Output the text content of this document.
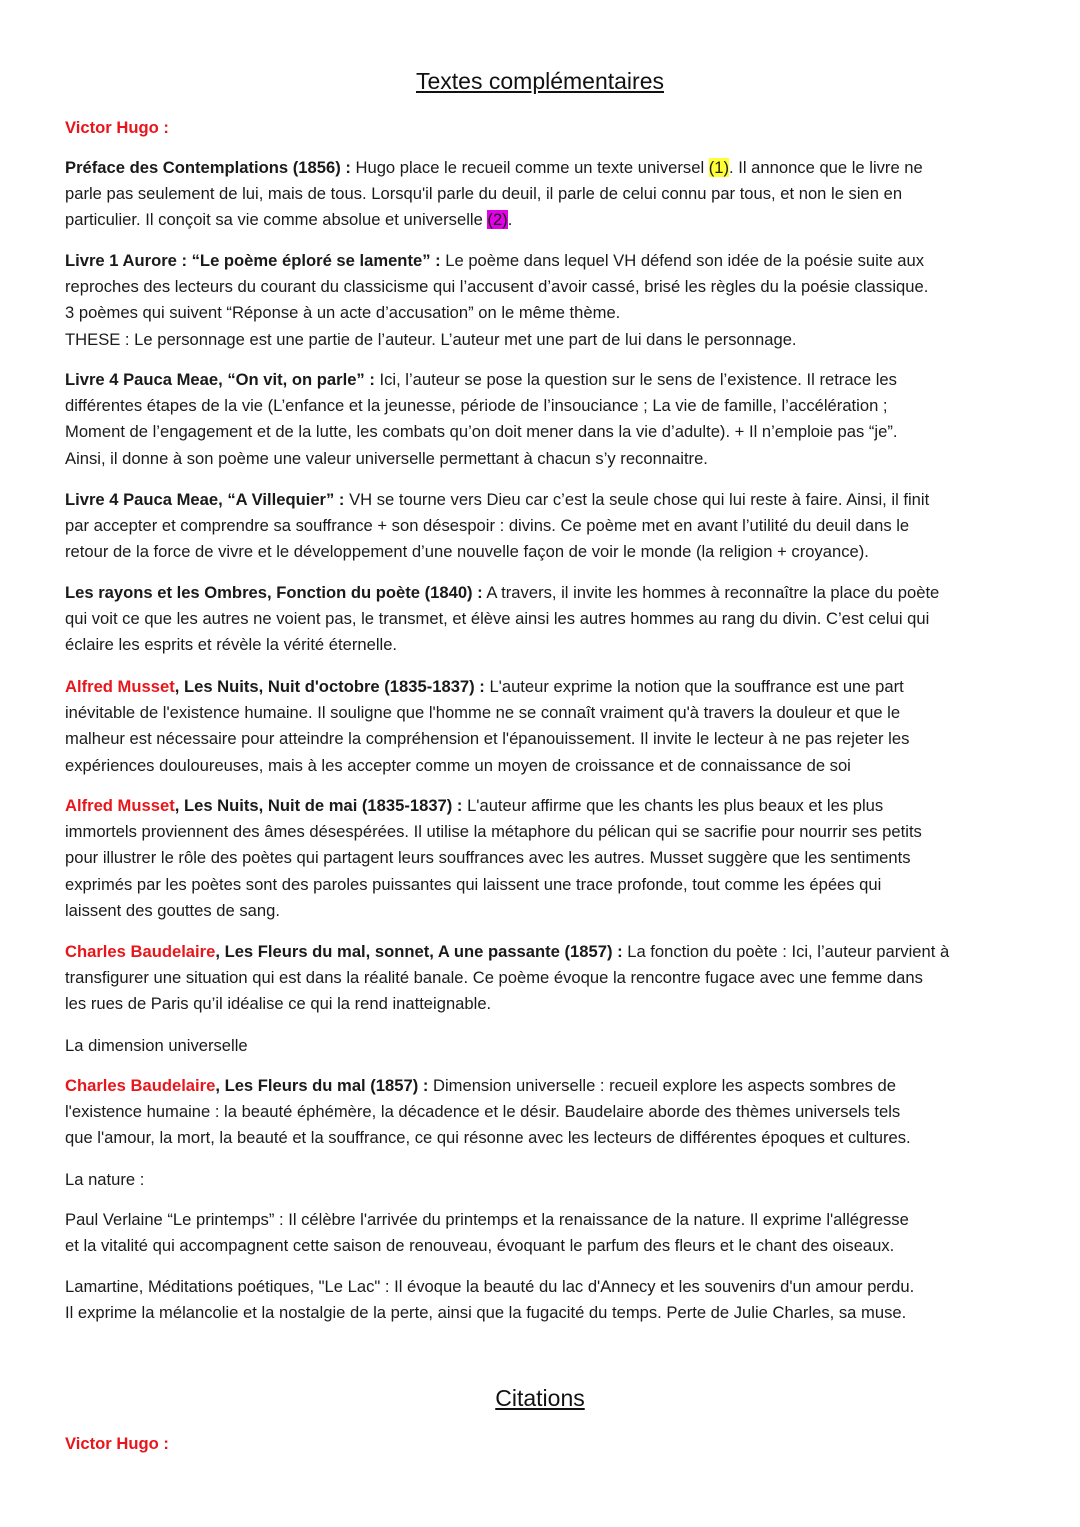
Textes complémentaires

Victor Hugo :

Préface des Contemplations (1856) : Hugo place le recueil comme un texte universel (1). Il annonce que le livre ne
parle pas seulement de lui, mais de tous. Lorsqu'il parle du deuil, il parle de celui connu par tous, et non le sien en
particulier. Il conçoit sa vie comme absolue et universelle (2).

Livre 1 Aurore : “Le poème éploré se lamente” : Le poème dans lequel VH défend son idée de la poésie suite aux
reproches des lecteurs du courant du classicisme qui l’accusent d’avoir cassé, brisé les règles du la poésie classique.
3 poèmes qui suivent “Réponse à un acte d’accusation” on le même thème.
THESE : Le personnage est une partie de l’auteur. L’auteur met une part de lui dans le personnage.

Livre 4 Pauca Meae, “On vit, on parle” : Ici, l’auteur se pose la question sur le sens de l’existence. Il retrace les
différentes étapes de la vie (L’enfance et la jeunesse, période de l’insouciance ; La vie de famille, l’accélération ;
Moment de l’engagement et de la lutte, les combats qu’on doit mener dans la vie d’adulte). + Il n’emploie pas “je”.
Ainsi, il donne à son poème une valeur universelle permettant à chacun s’y reconnaitre.

Livre 4 Pauca Meae, “A Villequier” : VH se tourne vers Dieu car c’est la seule chose qui lui reste à faire. Ainsi, il finit
par accepter et comprendre sa souffrance + son désespoir : divins. Ce poème met en avant l’utilité du deuil dans le
retour de la force de vivre et le développement d’une nouvelle façon de voir le monde (la religion + croyance).

Les rayons et les Ombres, Fonction du poète (1840) : A travers, il invite les hommes à reconnaître la place du poète
qui voit ce que les autres ne voient pas, le transmet, et élève ainsi les autres hommes au rang du divin. C’est celui qui
éclaire les esprits et révèle la vérité éternelle.

Alfred Musset, Les Nuits, Nuit d'octobre (1835-1837) : L'auteur exprime la notion que la souffrance est une part
inévitable de l'existence humaine. Il souligne que l'homme ne se connaît vraiment qu'à travers la douleur et que le
malheur est nécessaire pour atteindre la compréhension et l'épanouissement. Il invite le lecteur à ne pas rejeter les
expériences douloureuses, mais à les accepter comme un moyen de croissance et de connaissance de soi

Alfred Musset, Les Nuits, Nuit de mai (1835-1837) : L'auteur affirme que les chants les plus beaux et les plus
immortels proviennent des âmes désespérées. Il utilise la métaphore du pélican qui se sacrifie pour nourrir ses petits
pour illustrer le rôle des poètes qui partagent leurs souffrances avec les autres. Musset suggère que les sentiments
exprimés par les poètes sont des paroles puissantes qui laissent une trace profonde, tout comme les épées qui
laissent des gouttes de sang.

Charles Baudelaire, Les Fleurs du mal, sonnet, A une passante (1857) : La fonction du poète : Ici, l’auteur parvient à
transfigurer une situation qui est dans la réalité banale. Ce poème évoque la rencontre fugace avec une femme dans
les rues de Paris qu’il idéalise ce qui la rend inatteignable.

La dimension universelle

Charles Baudelaire, Les Fleurs du mal (1857) : Dimension universelle : recueil explore les aspects sombres de
l'existence humaine : la beauté éphémère, la décadence et le désir. Baudelaire aborde des thèmes universels tels
que l'amour, la mort, la beauté et la souffrance, ce qui résonne avec les lecteurs de différentes époques et cultures.

La nature :

Paul Verlaine “Le printemps” : Il célèbre l'arrivée du printemps et la renaissance de la nature. Il exprime l'allégresse
et la vitalité qui accompagnent cette saison de renouveau, évoquant le parfum des fleurs et le chant des oiseaux.

Lamartine, Méditations poétiques, "Le Lac" : Il évoque la beauté du lac d'Annecy et les souvenirs d'un amour perdu.
Il exprime la mélancolie et la nostalgie de la perte, ainsi que la fugacité du temps. Perte de Julie Charles, sa muse.

Citations

Victor Hugo :
